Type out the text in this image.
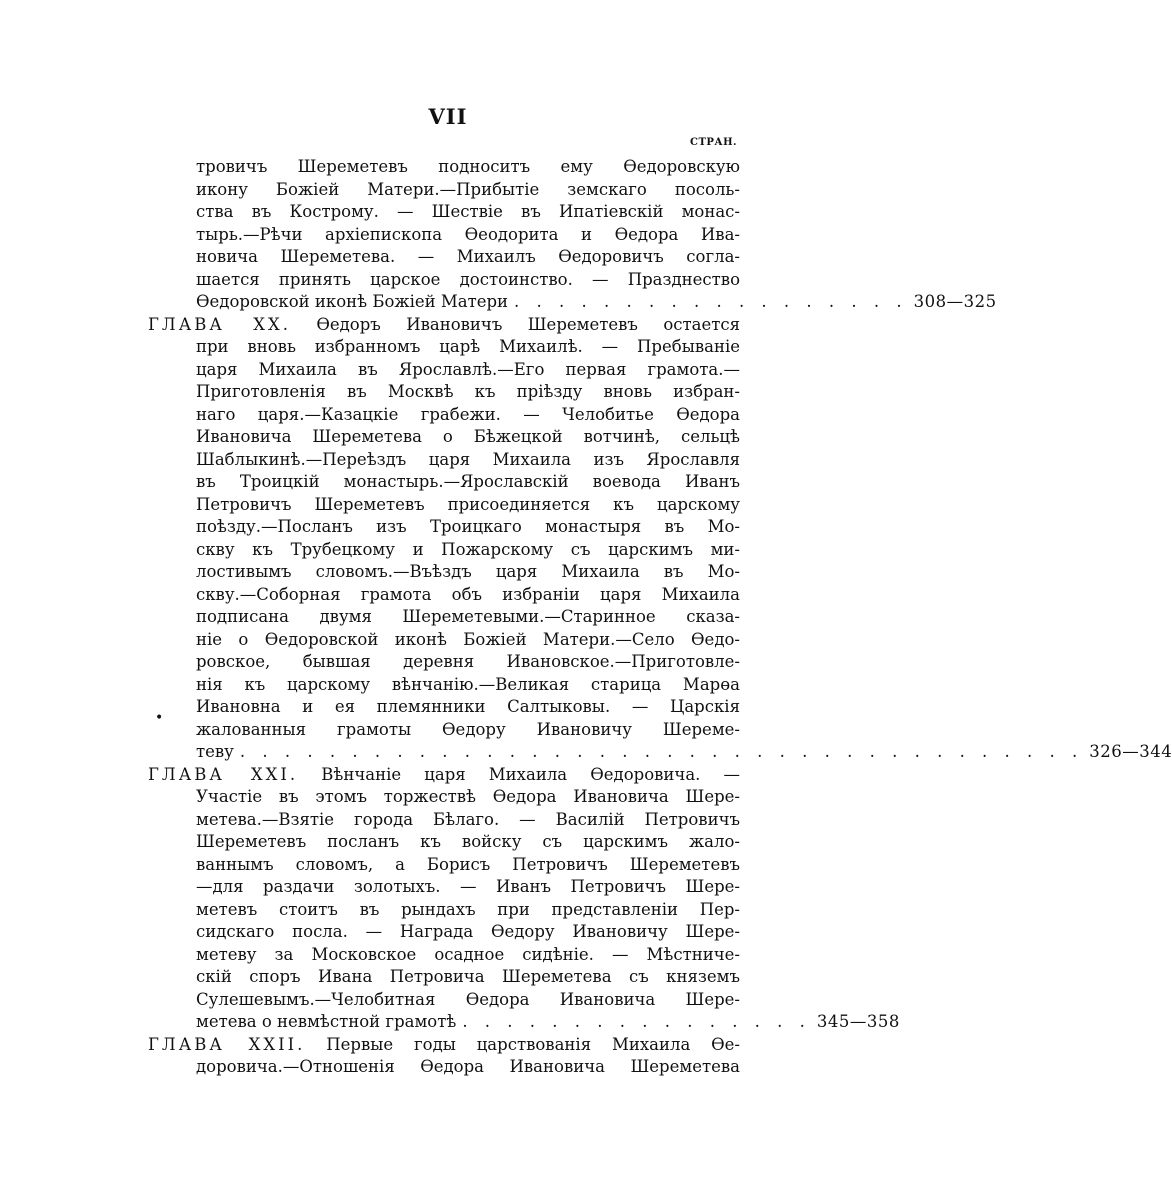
VII
СТРАН.
•
тровичъ Шереметевъ подноситъ ему Өедоровскую
икону Божіей Матери.—Прибытіе земскаго посоль-
ства въ Кострому. — Шествіе въ Ипатіевскій монас-
тырь.—Рѣчи архіепископа Өеодорита и Өедора Ива-
новича Шереметева. — Михаилъ Өедоровичъ согла-
шается принять царское достоинство. — Празднество
Өедоровской иконѣ Божіей Матери . . . . . . . . . . . . . . . . . . 308—325
ГЛАВА XX. Өедоръ Ивановичъ Шереметевъ остается
при вновь избранномъ царѣ Михаилѣ. — Пребываніе
царя Михаила въ Ярославлѣ.—Его первая грамота.—
Приготовленія въ Москвѣ къ пріѣзду вновь избран-
наго царя.—Казацкіе грабежи. — Челобитье Өедора
Ивановича Шереметева о Бѣжецкой вотчинѣ, сельцѣ
Шаблыкинѣ.—Переѣздъ царя Михаила изъ Ярославля
въ Троицкій монастырь.—Ярославскій воевода Иванъ
Петровичъ Шереметевъ присоединяется къ царскому
поѣзду.—Посланъ изъ Троицкаго монастыря въ Мо-
скву къ Трубецкому и Пожарскому съ царскимъ ми-
лостивымъ словомъ.—Въѣздъ царя Михаила въ Мо-
скву.—Соборная грамота объ избраніи царя Михаила
подписана двумя Шереметевыми.—Старинное сказа-
ніе о Өедоровской иконѣ Божіей Матери.—Село Өедо-
ровское, бывшая деревня Ивановское.—Приготовле-
нія къ царскому вѣнчанію.—Великая старица Марөа
Ивановна и ея племянники Салтыковы. — Царскія
жалованныя грамоты Өедору Ивановичу Шереме-
теву . . . . . . . . . . . . . . . . . . . . . . . . . . . . . . . . . . . . . . 326—344
ГЛАВА XXI. Вѣнчаніе царя Михаила Өедоровича. —
Участіе въ этомъ торжествѣ Өедора Ивановича Шере-
метева.—Взятіе города Бѣлаго. — Василій Петровичъ
Шереметевъ посланъ къ войску съ царскимъ жало-
ваннымъ словомъ, а Борисъ Петровичъ Шереметевъ
—для раздачи золотыхъ. — Иванъ Петровичъ Шере-
метевъ стоитъ въ рындахъ при представленіи Пер-
сидскаго посла. — Награда Өедору Ивановичу Шере-
метеву за Московское осадное сидѣніе. — Мѣстниче-
скій споръ Ивана Петровича Шереметева съ княземъ
Сулешевымъ.—Челобитная Өедора Ивановича Шере-
метева о невмѣстной грамотѣ . . . . . . . . . . . . . . . . 345—358
ГЛАВА XXII. Первые годы царствованія Михаила Өе-
доровича.—Отношенія Өедора Ивановича Шереметева
